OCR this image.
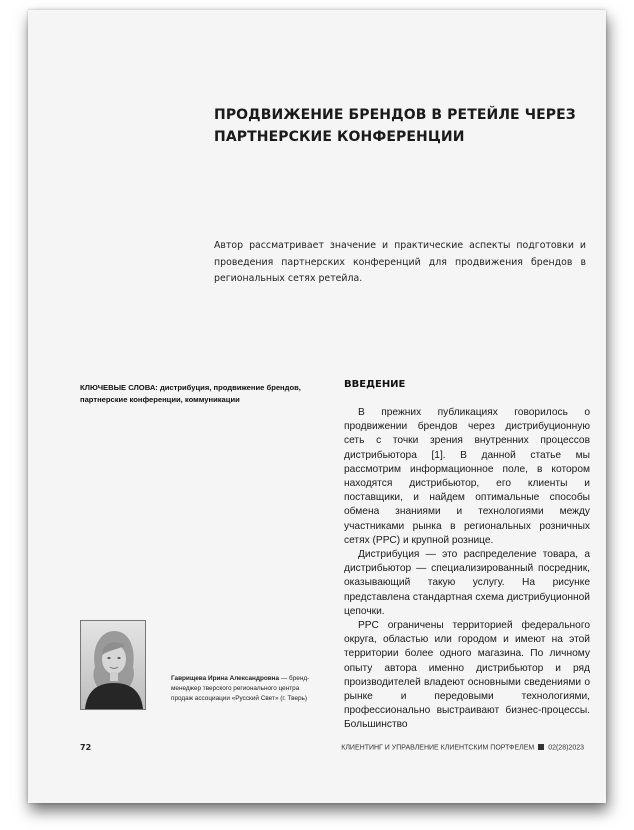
ПРОДВИЖЕНИЕ БРЕНДОВ В РЕТЕЙЛЕ ЧЕРЕЗ ПАРТНЕРСКИЕ КОНФЕРЕНЦИИ

Автор рассматривает значение и практические аспекты подготовки и проведения партнерских конференций для продвижения брендов в региональных сетях ретейла.

КЛЮЧЕВЫЕ СЛОВА: дистрибуция, продвижение брендов, партнерские конференции, коммуникации
ВВЕДЕНИЕ

В прежних публикациях говорилось о продвижении брендов через дистрибуционную сеть с точки зрения внутренних процессов дистрибьютора [1]. В данной статье мы рассмотрим информационное поле, в котором находятся дистрибьютор, его клиенты и поставщики, и найдем оптимальные способы обмена знаниями и технологиями между участниками рынка в региональных розничных сетях (РРС) и крупной рознице.

Дистрибуция — это распределение товара, а дистрибьютор — специализированный посредник, оказывающий такую услугу. На рисунке представлена стандартная схема дистрибуционной цепочки.

РРС ограничены территорией федерального округа, областью или городом и имеют на этой территории более одного магазина. По личному опыту автора именно дистрибьютор и ряд производителей владеют основными сведениями о рынке и передовыми технологиями, профессионально выстраивают бизнес-процессы. Большинство

Гаврищева Ирина Александровна — бренд-менеджер тверского регионального центра продаж ассоциации «Русский Свет» (г. Тверь)
72	КЛИЕНТИНГ И УПРАВЛЕНИЕ КЛИЕНТСКИМ ПОРТФЕЛЕМ 02(28)2023
